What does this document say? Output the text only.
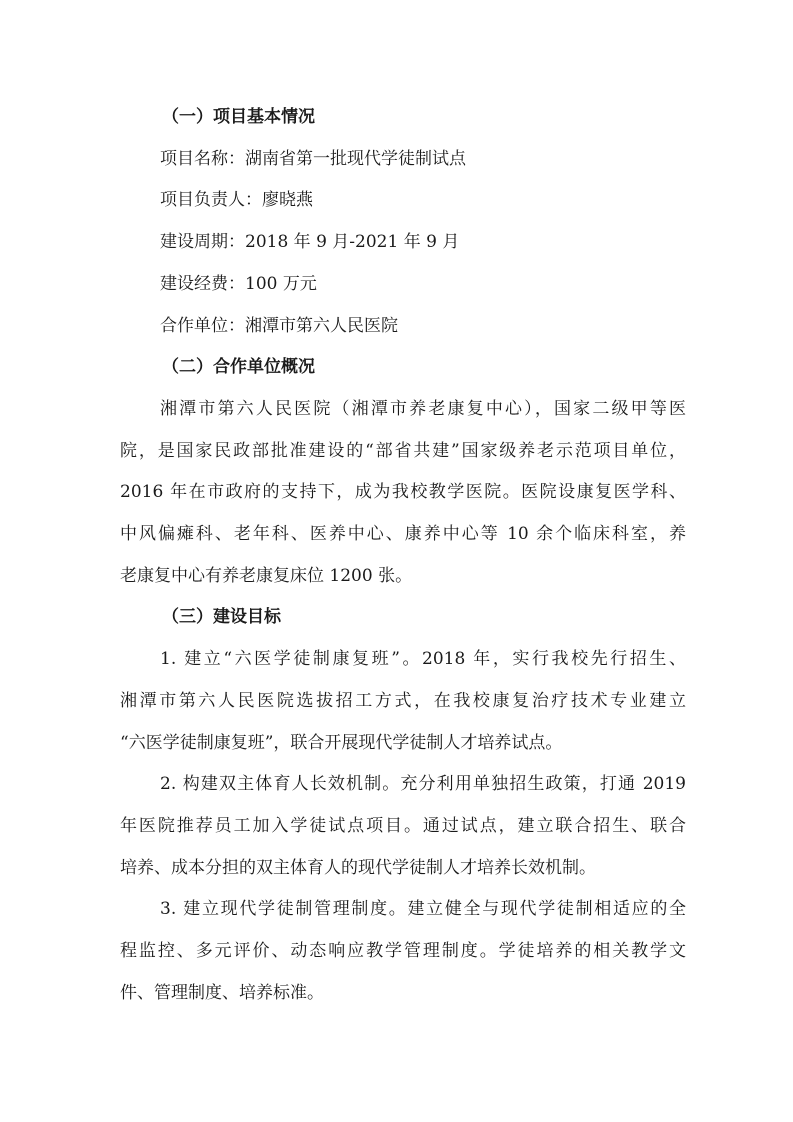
（一）项目基本情况
项目名称：湖南省第一批现代学徒制试点
项目负责人：廖晓燕
建设周期：2018 年 9 月-2021 年 9 月
建设经费：100 万元
合作单位：湘潭市第六人民医院
（二）合作单位概况
湘潭市第六人民医院（湘潭市养老康复中心），国家二级甲等医
院，是国家民政部批准建设的“部省共建”国家级养老示范项目单位，
2016 年在市政府的支持下，成为我校教学医院。医院设康复医学科、
中风偏瘫科、老年科、医养中心、康养中心等 10 余个临床科室，养
老康复中心有养老康复床位 1200 张。
（三）建设目标
1. 建立“六医学徒制康复班”。2018 年，实行我校先行招生、
湘潭市第六人民医院选拔招工方式，在我校康复治疗技术专业建立
“六医学徒制康复班”，联合开展现代学徒制人才培养试点。
2. 构建双主体育人长效机制。充分利用单独招生政策，打通 2019
年医院推荐员工加入学徒试点项目。通过试点，建立联合招生、联合
培养、成本分担的双主体育人的现代学徒制人才培养长效机制。
3. 建立现代学徒制管理制度。建立健全与现代学徒制相适应的全
程监控、多元评价、动态响应教学管理制度。学徒培养的相关教学文
件、管理制度、培养标准。
